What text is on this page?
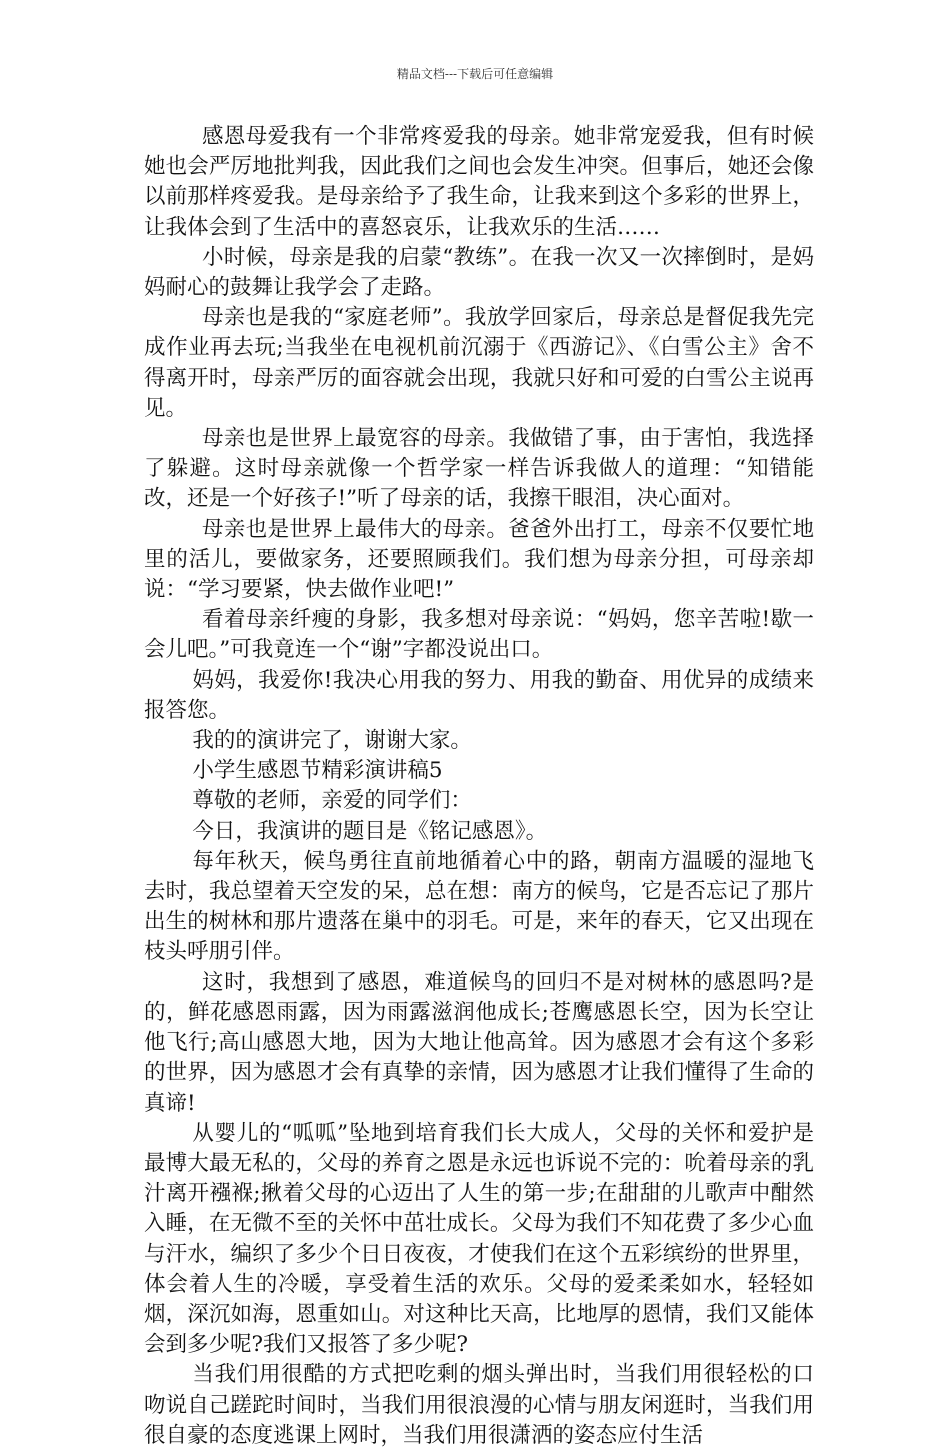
精品文档---下载后可任意编辑

感恩母爱我有一个非常疼爱我的母亲。她非常宠爱我，但有时候她也会严厉地批判我，因此我们之间也会发生冲突。但事后，她还会像以前那样疼爱我。是母亲给予了我生命，让我来到这个多彩的世界上，让我体会到了生活中的喜怒哀乐，让我欢乐的生活……

小时候，母亲是我的启蒙“教练”。在我一次又一次摔倒时，是妈妈耐心的鼓舞让我学会了走路。

母亲也是我的“家庭老师”。我放学回家后，母亲总是督促我先完成作业再去玩;当我坐在电视机前沉溺于《西游记》、《白雪公主》舍不得离开时，母亲严厉的面容就会出现，我就只好和可爱的白雪公主说再见。

母亲也是世界上最宽容的母亲。我做错了事，由于害怕，我选择了躲避。这时母亲就像一个哲学家一样告诉我做人的道理：“知错能改，还是一个好孩子!”听了母亲的话，我擦干眼泪，决心面对。

母亲也是世界上最伟大的母亲。爸爸外出打工，母亲不仅要忙地里的活儿，要做家务，还要照顾我们。我们想为母亲分担，可母亲却说：“学习要紧，快去做作业吧!”

看着母亲纤瘦的身影，我多想对母亲说：“妈妈，您辛苦啦!歇一会儿吧。”可我竟连一个“谢”字都没说出口。

妈妈，我爱你!我决心用我的努力、用我的勤奋、用优异的成绩来报答您。

我的的演讲完了，谢谢大家。

小学生感恩节精彩演讲稿5

尊敬的老师，亲爱的同学们：

今日，我演讲的题目是《铭记感恩》。

每年秋天，候鸟勇往直前地循着心中的路，朝南方温暖的湿地飞去时，我总望着天空发的呆，总在想：南方的候鸟，它是否忘记了那片出生的树林和那片遗落在巢中的羽毛。可是，来年的春天，它又出现在枝头呼朋引伴。

这时，我想到了感恩，难道候鸟的回归不是对树林的感恩吗?是的，鲜花感恩雨露，因为雨露滋润他成长;苍鹰感恩长空，因为长空让他飞行;高山感恩大地，因为大地让他高耸。因为感恩才会有这个多彩的世界，因为感恩才会有真挚的亲情，因为感恩才让我们懂得了生命的真谛!

从婴儿的“呱呱”坠地到培育我们长大成人，父母的关怀和爱护是最博大最无私的，父母的养育之恩是永远也诉说不完的：吮着母亲的乳汁离开襁褓;揪着父母的心迈出了人生的第一步;在甜甜的儿歌声中酣然入睡，在无微不至的关怀中茁壮成长。父母为我们不知花费了多少心血与汗水，编织了多少个日日夜夜，才使我们在这个五彩缤纷的世界里，体会着人生的冷暖，享受着生活的欢乐。父母的爱柔柔如水，轻轻如烟，深沉如海，恩重如山。对这种比天高，比地厚的恩情，我们又能体会到多少呢?我们又报答了多少呢?

当我们用很酷的方式把吃剩的烟头弹出时，当我们用很轻松的口吻说自己蹉跎时间时，当我们用很浪漫的心情与朋友闲逛时，当我们用很自豪的态度逃课上网时，当我们用很潇洒的姿态应付生活
